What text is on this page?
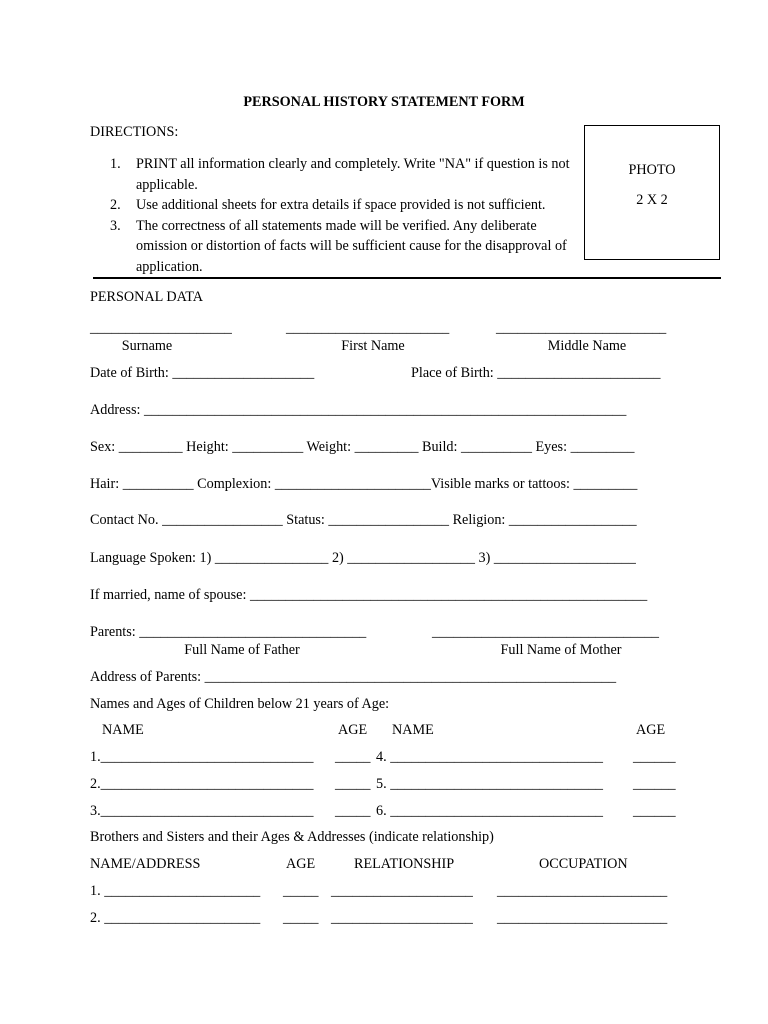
PERSONAL HISTORY STATEMENT FORM
DIRECTIONS:
1. PRINT all information clearly and completely. Write "NA" if question is not applicable.
2. Use additional sheets for extra details if space provided is not sufficient.
3. The correctness of all statements made will be verified. Any deliberate omission or distortion of facts will be sufficient cause for the disapproval of application.
PHOTO
2 X 2
PERSONAL DATA
____________________	_______________________	________________________
Surname	First Name	Middle Name
Date of Birth: ____________________	Place of Birth: _______________________
Address: ____________________________________________________________________
Sex: _________ Height: __________ Weight: _________ Build: __________ Eyes: _________
Hair: __________ Complexion: ______________________Visible marks or tattoos: _________
Contact No. _________________ Status: _________________ Religion: __________________
Language Spoken: 1) ________________ 2) __________________ 3) ____________________
If married, name of spouse: ________________________________________________________
Parents: ________________________________	________________________________
Full Name of Father	Full Name of Mother
Address of Parents: __________________________________________________________
Names and Ages of Children below 21 years of Age:
NAME	AGE NAME	AGE
1.______________________________ _____ 4. ______________________________ ______
2.______________________________ _____ 5. ______________________________ ______
3.______________________________ _____ 6. ______________________________ ______
Brothers and Sisters and their Ages & Addresses (indicate relationship)
NAME/ADDRESS	AGE	RELATIONSHIP	OCCUPATION
1. ______________________ _____ ____________________ ________________________
2. ______________________ _____ ____________________ ________________________
